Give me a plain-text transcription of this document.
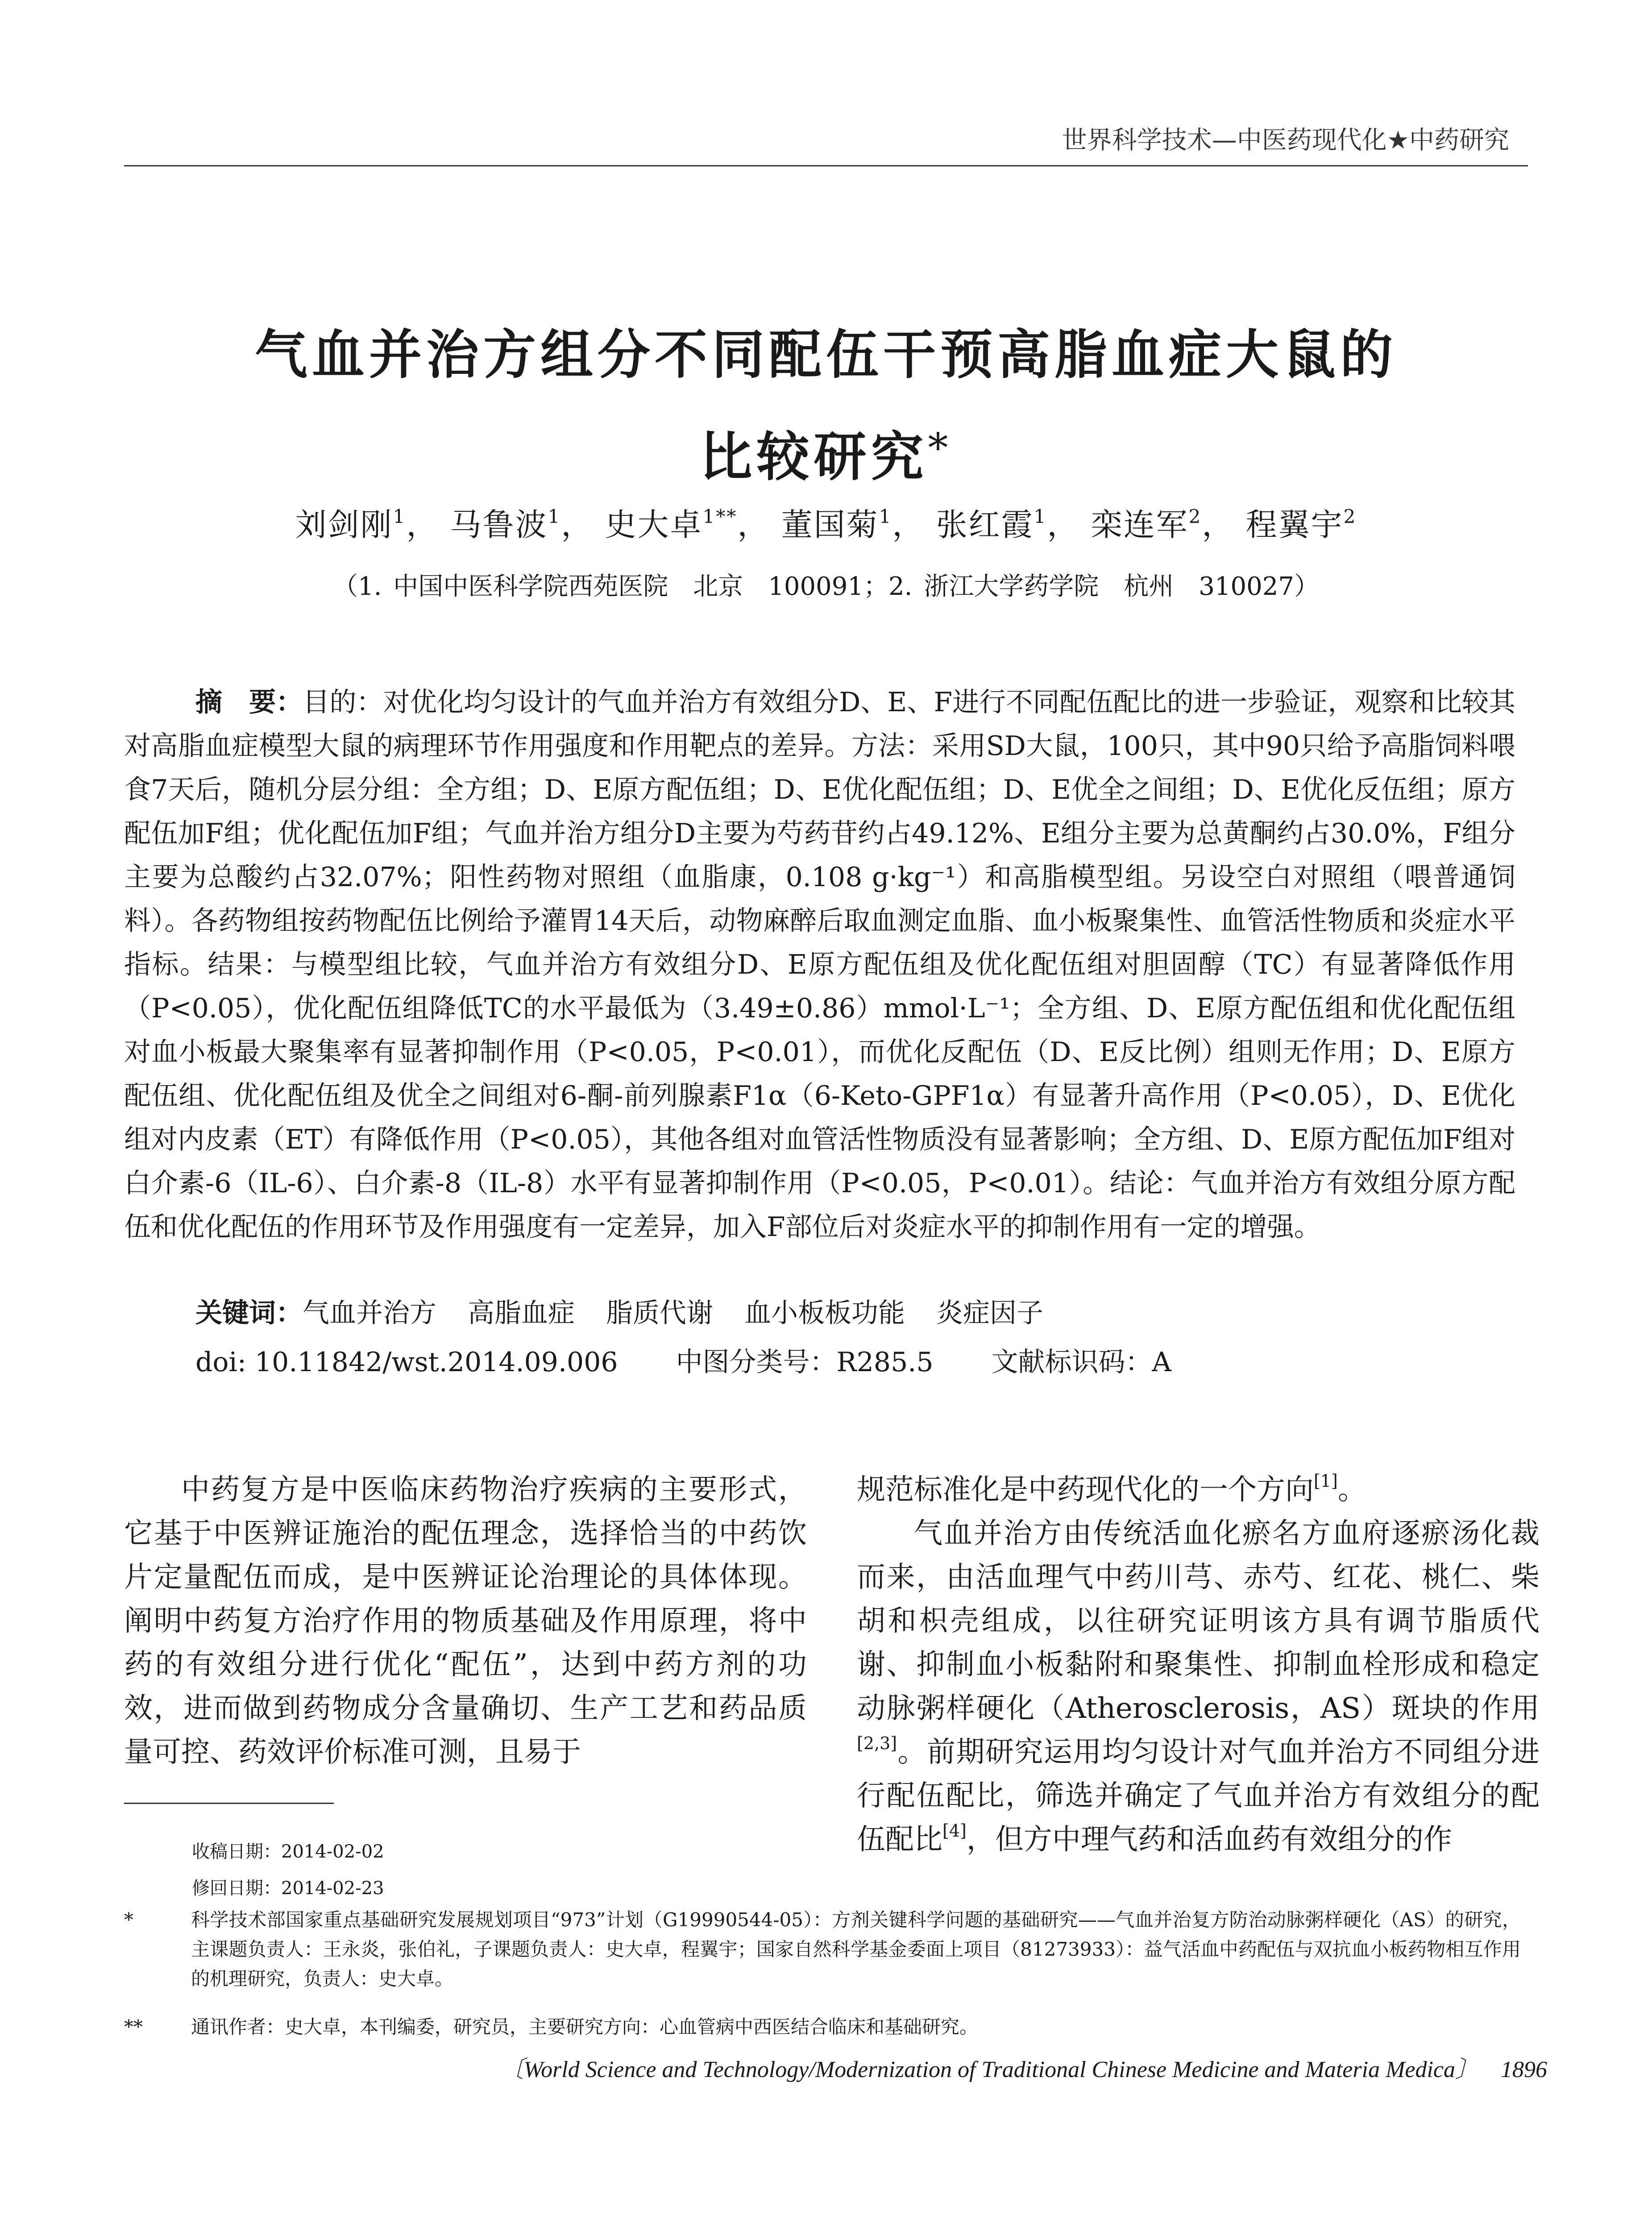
世界科学技术—中医药现代化★中药研究
气血并治方组分不同配伍干预高脂血症大鼠的
比较研究*
刘剑刚$^1$， 马鲁波$^1$， 史大卓$^{1**}$， 董国菊$^1$， 张红霞$^1$， 栾连军$^2$， 程翼宇$^2$
（1. 中国中医科学院西苑医院　北京　100091；2. 浙江大学药学院　杭州　310027）
摘　要：目的：对优化均匀设计的气血并治方有效组分D、E、F进行不同配伍配比的进一步验证，观察和比较其对高脂血症模型大鼠的病理环节作用强度和作用靶点的差异。方法：采用SD大鼠，100只，其中90只给予高脂饲料喂食7天后，随机分层分组：全方组；D、E原方配伍组；D、E优化配伍组；D、E优全之间组；D、E优化反伍组；原方配伍加F组；优化配伍加F组；气血并治方组分D主要为芍药苷约占49.12%、E组分主要为总黄酮约占30.0%，F组分主要为总酸约占32.07%；阳性药物对照组（血脂康，0.108 g·kg⁻¹）和高脂模型组。另设空白对照组（喂普通饲料）。各药物组按药物配伍比例给予灌胃14天后，动物麻醉后取血测定血脂、血小板聚集性、血管活性物质和炎症水平指标。结果：与模型组比较，气血并治方有效组分D、E原方配伍组及优化配伍组对胆固醇（TC）有显著降低作用（P<0.05），优化配伍组降低TC的水平最低为（3.49±0.86）mmol·L⁻¹；全方组、D、E原方配伍组和优化配伍组对血小板最大聚集率有显著抑制作用（P<0.05，P<0.01），而优化反配伍（D、E反比例）组则无作用；D、E原方配伍组、优化配伍组及优全之间组对6-酮-前列腺素F1α（6-Keto-GPF1α）有显著升高作用（P<0.05），D、E优化组对内皮素（ET）有降低作用（P<0.05），其他各组对血管活性物质没有显著影响；全方组、D、E原方配伍加F组对白介素-6（IL-6）、白介素-8（IL-8）水平有显著抑制作用（P<0.05，P<0.01）。结论：气血并治方有效组分原方配伍和优化配伍的作用环节及作用强度有一定差异，加入F部位后对炎症水平的抑制作用有一定的增强。
关键词：气血并治方 高脂血症 脂质代谢 血小板板功能 炎症因子
doi: 10.11842/wst.2014.09.006 中图分类号：R285.5 文献标识码：A

中药复方是中医临床药物治疗疾病的主要形式，它基于中医辨证施治的配伍理念，选择恰当的中药饮片定量配伍而成，是中医辨证论治理论的具体体现。阐明中药复方治疗作用的物质基础及作用原理，将中药的有效组分进行优化“配伍”，达到中药方剂的功效，进而做到药物成分含量确切、生产工艺和药品质量可控、药效评价标准可测，且易于

规范标准化是中药现代化的一个方向[1]。

气血并治方由传统活血化瘀名方血府逐瘀汤化裁而来，由活血理气中药川芎、赤芍、红花、桃仁、柴胡和枳壳组成，以往研究证明该方具有调节脂质代谢、抑制血小板黏附和聚集性、抑制血栓形成和稳定动脉粥样硬化（Atherosclerosis，AS）斑块的作用[2,3]。前期研究运用均匀设计对气血并治方不同组分进行配伍配比，筛选并确定了气血并治方有效组分的配伍配比[4]，但方中理气药和活血药有效组分的作

收稿日期：2014-02-02
修回日期：2014-02-23
*	科学技术部国家重点基础研究发展规划项目“973”计划（G19990544-05）：方剂关键科学问题的基础研究——气血并治复方防治动脉粥样硬化（AS）的研究，主课题负责人：王永炎，张伯礼，子课题负责人：史大卓，程翼宇；国家自然科学基金委面上项目（81273933）：益气活血中药配伍与双抗血小板药物相互作用的机理研究，负责人：史大卓。
**	通讯作者：史大卓，本刊编委，研究员，主要研究方向：心血管病中西医结合临床和基础研究。
〔World Science and Technology/Modernization of Traditional Chinese Medicine and Materia Medica〕 1896
